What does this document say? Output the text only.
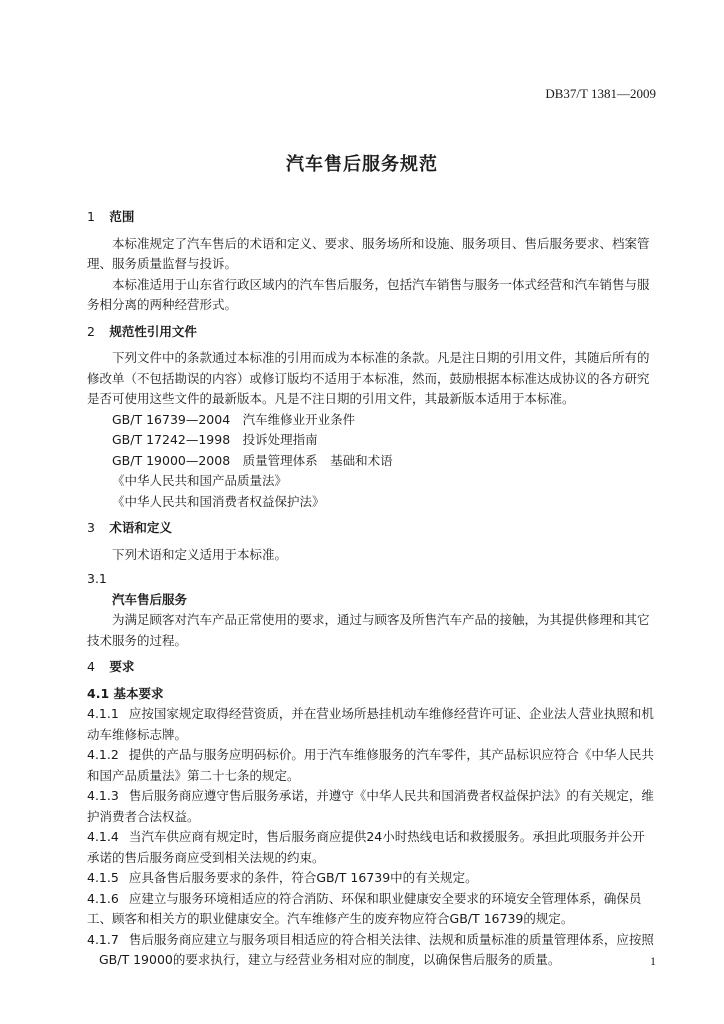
DB37/T 1381—2009
汽车售后服务规范
1 范围

本标准规定了汽车售后的术语和定义、要求、服务场所和设施、服务项目、售后服务要求、档案管理、服务质量监督与投诉。

本标准适用于山东省行政区域内的汽车售后服务，包括汽车销售与服务一体式经营和汽车销售与服务相分离的两种经营形式。

2 规范性引用文件

下列文件中的条款通过本标准的引用而成为本标准的条款。凡是注日期的引用文件，其随后所有的修改单（不包括勘误的内容）或修订版均不适用于本标准，然而，鼓励根据本标准达成协议的各方研究是否可使用这些文件的最新版本。凡是不注日期的引用文件，其最新版本适用于本标准。

GB/T 16739—2004　汽车维修业开业条件

GB/T 17242—1998　投诉处理指南

GB/T 19000—2008　质量管理体系　基础和术语

《中华人民共和国产品质量法》

《中华人民共和国消费者权益保护法》

3 术语和定义

下列术语和定义适用于本标准。

3.1

汽车售后服务

为满足顾客对汽车产品正常使用的要求，通过与顾客及所售汽车产品的接触，为其提供修理和其它技术服务的过程。

4 要求
4.1 基本要求

4.1.1 应按国家规定取得经营资质，并在营业场所悬挂机动车维修经营许可证、企业法人营业执照和机动车维修标志牌。

4.1.2 提供的产品与服务应明码标价。用于汽车维修服务的汽车零件，其产品标识应符合《中华人民共和国产品质量法》第二十七条的规定。

4.1.3 售后服务商应遵守售后服务承诺，并遵守《中华人民共和国消费者权益保护法》的有关规定，维护消费者合法权益。

4.1.4 当汽车供应商有规定时，售后服务商应提供24小时热线电话和救援服务。承担此项服务并公开承诺的售后服务商应受到相关法规的约束。

4.1.5 应具备售后服务要求的条件，符合GB/T 16739中的有关规定。

4.1.6 应建立与服务环境相适应的符合消防、环保和职业健康安全要求的环境安全管理体系，确保员工、顾客和相关方的职业健康安全。汽车维修产生的废弃物应符合GB/T 16739的规定。

4.1.7 售后服务商应建立与服务项目相适应的符合相关法律、法规和质量标准的质量管理体系，应按照GB/T 19000的要求执行，建立与经营业务相对应的制度，以确保售后服务的质量。	1
